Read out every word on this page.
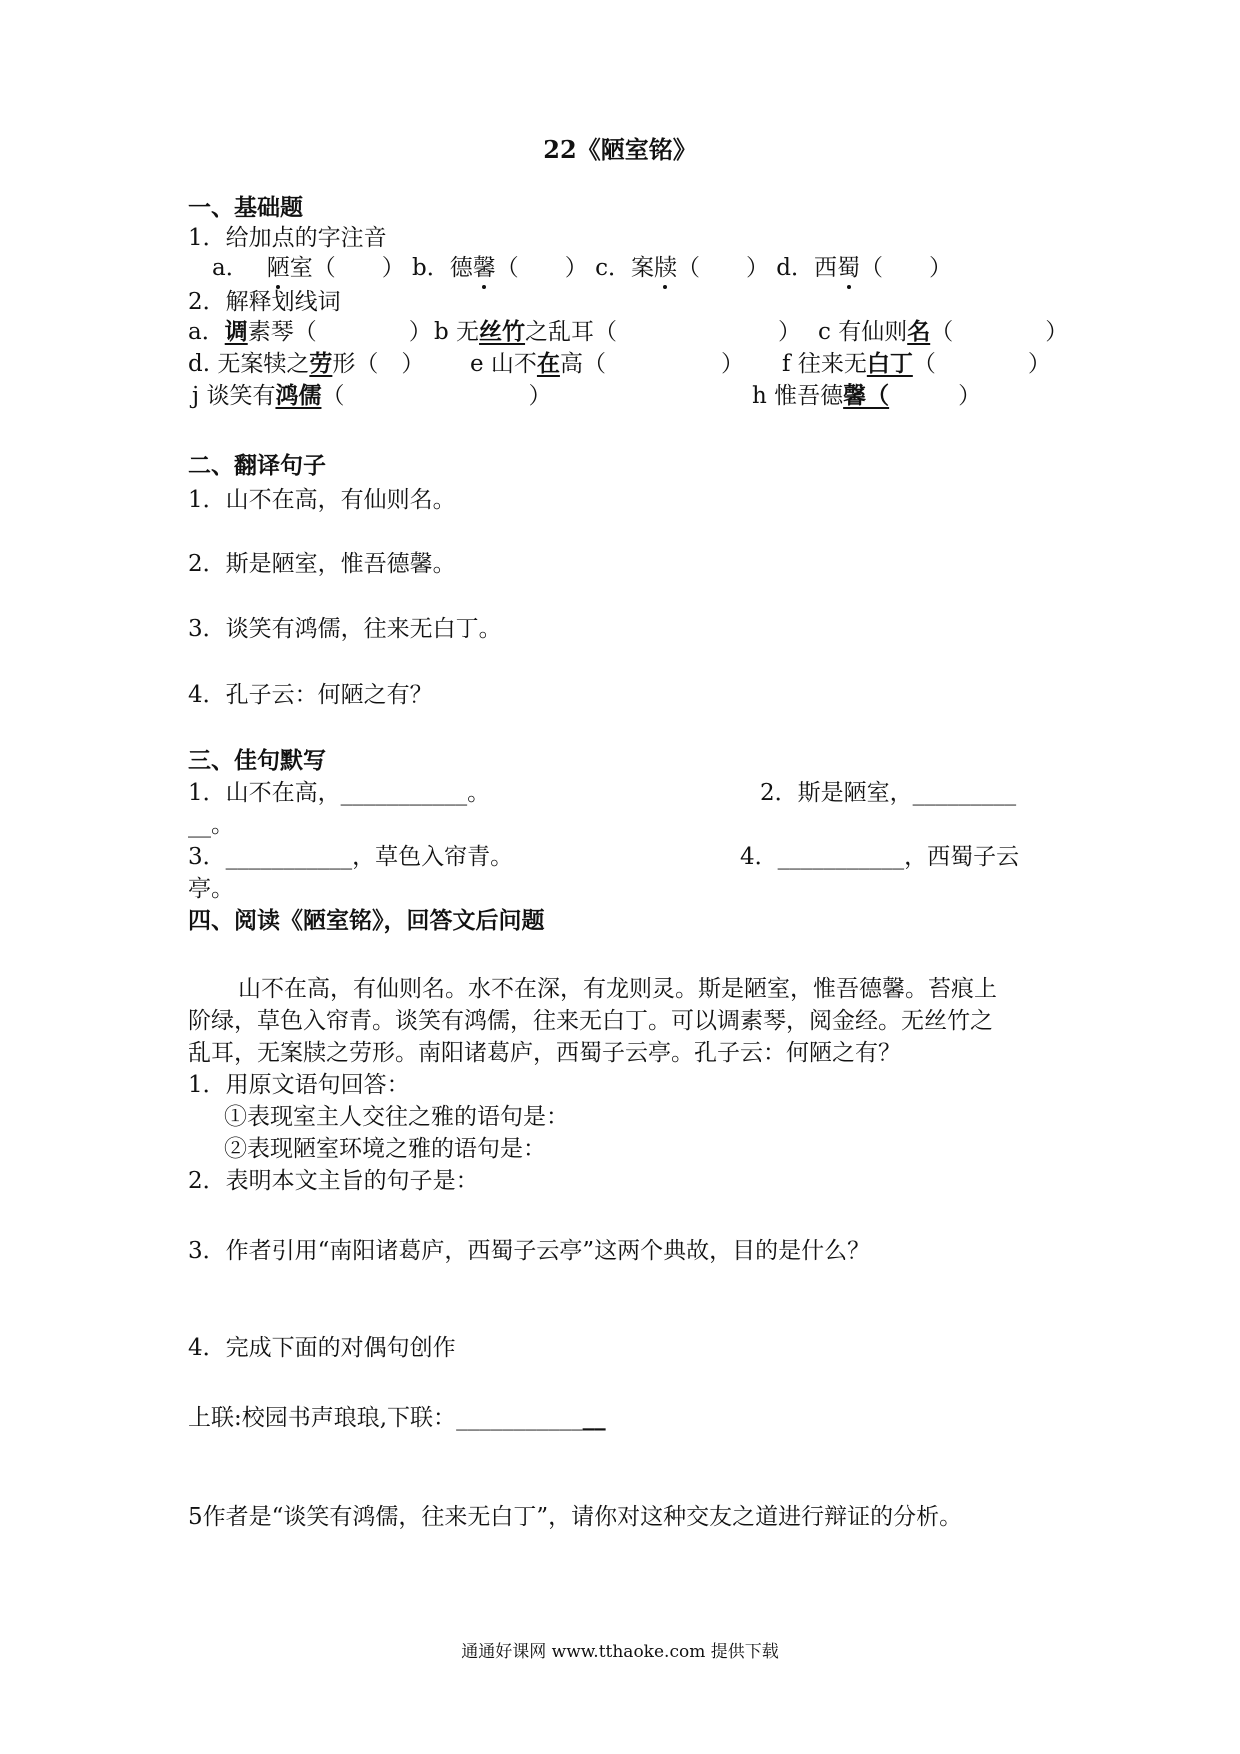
22《陋室铭》
一、基础题
1．给加点的字注音
a． 陋室（　　） b．德馨（　　） c．案牍（　　） d．西蜀（　　）
2．解释划线词
a．调素琴（　　　　） b 无丝竹之乱耳（　　　　　　　） c 有仙则名（　　　　）
d. 无案犊之劳形（　） e 山不在高（　　　　　） f 往来无白丁（　　　　）
j 谈笑有鸿儒（　　　　　　　　）	h 惟吾德馨（　　　）
二、翻译句子
1．山不在高，有仙则名。
2．斯是陋室，惟吾德馨。
3．谈笑有鸿儒，往来无白丁。
4．孔子云：何陋之有？
三、佳句默写
1．山不在高，___________。	2．斯是陋室，_________
__。
3．___________，草色入帘青。	4．___________，西蜀子云
亭。
四、阅读《陋室铭》，回答文后问题
山不在高，有仙则名。水不在深，有龙则灵。斯是陋室，惟吾德馨。苔痕上
阶绿，草色入帘青。谈笑有鸿儒，往来无白丁。可以调素琴，阅金经。无丝竹之
乱耳，无案牍之劳形。南阳诸葛庐，西蜀子云亭。孔子云：何陋之有？
1．用原文语句回答：
①表现室主人交往之雅的语句是：
②表现陋室环境之雅的语句是：
2．表明本文主旨的句子是：
3．作者引用“南阳诸葛庐，西蜀子云亭”这两个典故，目的是什么？
4．完成下面的对偶句创作
上联:校园书声琅琅,下联：_____________
5作者是“谈笑有鸿儒，往来无白丁”，请你对这种交友之道进行辩证的分析。
通通好课网 www.tthaoke.com 提供下载
